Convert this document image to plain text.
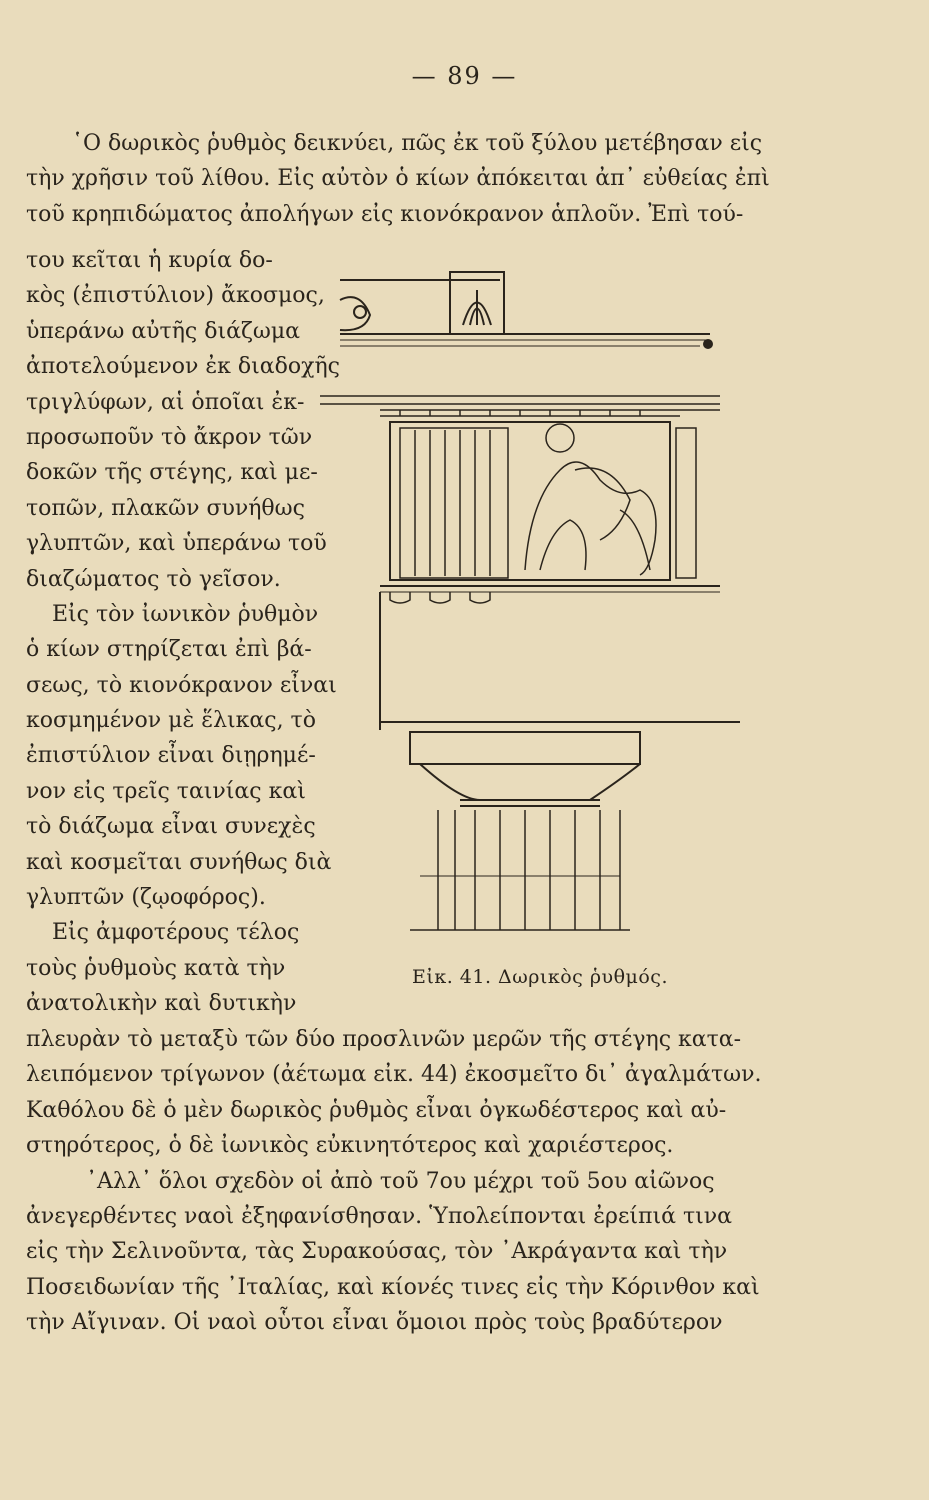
— 89 —
῾Ο δωρικὸς ῥυθμὸς δεικνύει, πῶς ἐκ τοῦ ξύλου μετέβησαν εἰς
τὴν χρῆσιν τοῦ λίθου. Εἰς αὐτὸν ὁ κίων ἀπόκειται ἀπ᾿ εὐθείας ἐπὶ
τοῦ κρηπιδώματος ἀπολήγων εἰς κιονόκρανον ἁπλοῦν. Ἐπὶ τού-
του κεῖται ἡ κυρία δο-
κὸς (ἐπιστύλιον) ἄκοσμος,
ὑπεράνω αὐτῆς διάζωμα
ἀποτελούμενον ἐκ διαδοχῆς
τριγλύφων, αἱ ὁποῖαι ἐκ-
προσωποῦν τὸ ἄκρον τῶν
δοκῶν τῆς στέγης, καὶ με-
τοπῶν, πλακῶν συνήθως
γλυπτῶν, καὶ ὑπεράνω τοῦ
διαζώματος τὸ γεῖσον.
Εἰς τὸν ἰωνικὸν ῥυθμὸν
ὁ κίων στηρίζεται ἐπὶ βά-
σεως, τὸ κιονόκρανον εἶναι
κοσμημένον μὲ ἕλικας, τὸ
ἐπιστύλιον εἶναι διῃρημέ-
νον εἰς τρεῖς ταινίας καὶ
τὸ διάζωμα εἶναι συνεχὲς
καὶ κοσμεῖται συνήθως διὰ
γλυπτῶν (ζῳοφόρος).
Εἰς ἀμφοτέρους τέλος
τοὺς ῥυθμοὺς κατὰ τὴν
ἀνατολικὴν καὶ δυτικὴν
Εἰκ. 41. Δωρικὸς ῥυθμός.
πλευρὰν τὸ μεταξὺ τῶν δύο προσλινῶν μερῶν τῆς στέγης κατα-
λειπόμενον τρίγωνον (ἀέτωμα εἰκ. 44) ἐκοσμεῖτο δι᾿ ἀγαλμάτων.
Καθόλου δὲ ὁ μὲν δωρικὸς ῥυθμὸς εἶναι ὀγκωδέστερος καὶ αὐ-
στηρότερος, ὁ δὲ ἰωνικὸς εὐκινητότερος καὶ χαριέστερος.
᾿Αλλ᾿ ὅλοι σχεδὸν οἱ ἀπὸ τοῦ 7ου μέχρι τοῦ 5ου αἰῶνος
ἀνεγερθέντες ναοὶ ἐξηφανίσθησαν. Ὑπολείπονται ἐρείπιά τινα
εἰς τὴν Σελινοῦντα, τὰς Συρακούσας, τὸν ᾿Ακράγαντα καὶ τὴν
Ποσειδωνίαν τῆς ᾿Ιταλίας, καὶ κίονές τινες εἰς τὴν Κόρινθον καὶ
τὴν Αἴγιναν. Οἱ ναοὶ οὗτοι εἶναι ὅμοιοι πρὸς τοὺς βραδύτερον
